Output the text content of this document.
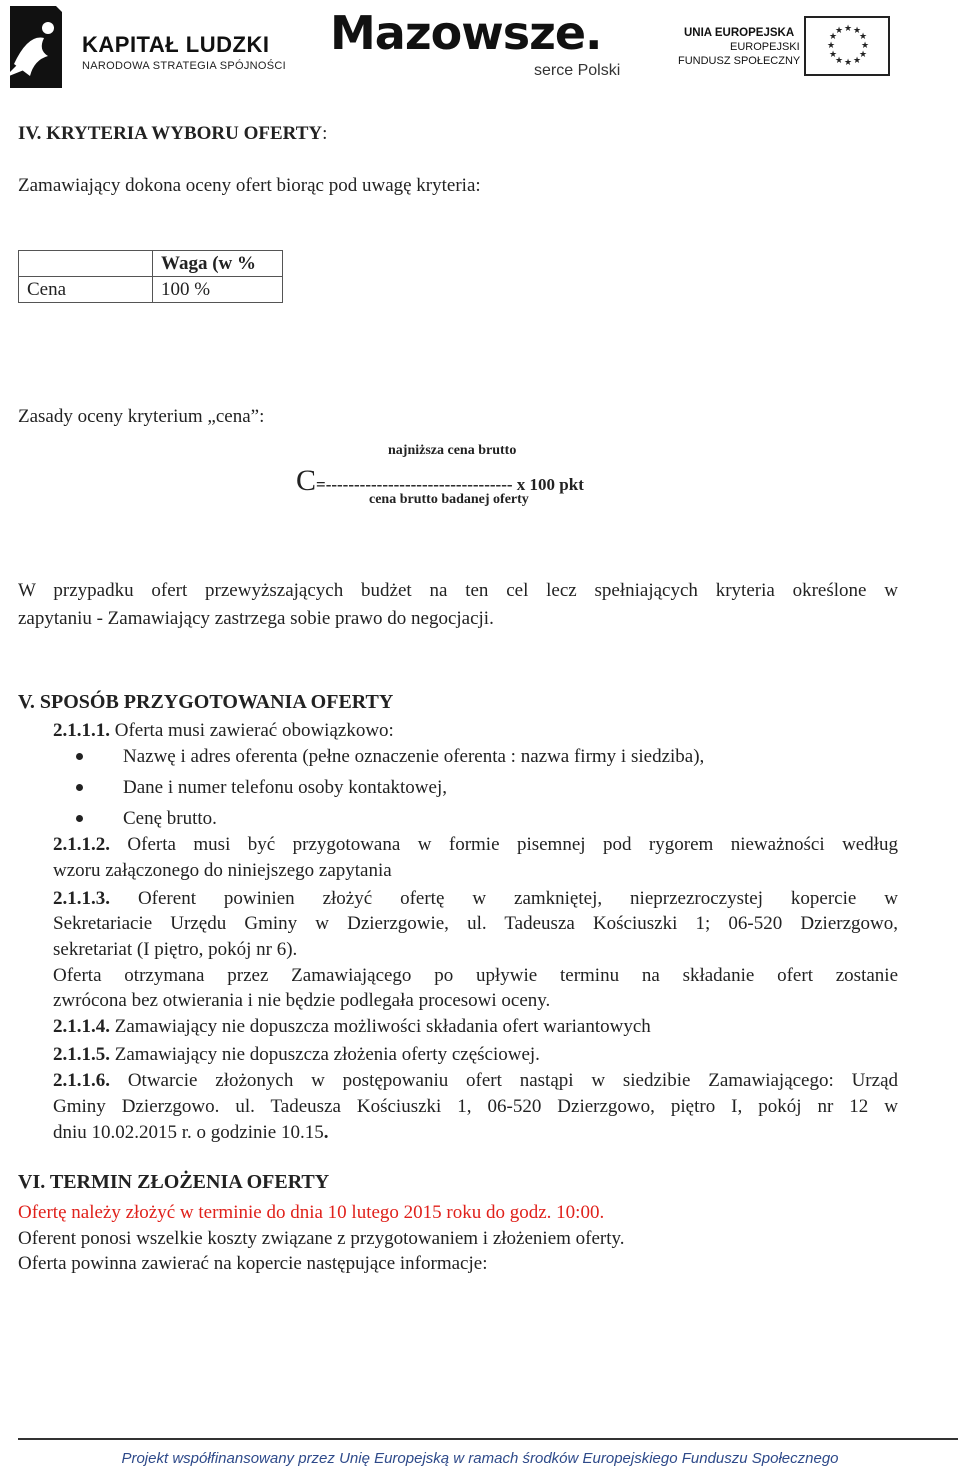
KAPITAŁ LUDZKI
NARODOWA STRATEGIA SPÓJNOŚCI
Mazowsze.
serce Polski
UNIA EUROPEJSKA
EUROPEJSKI
FUNDUSZ SPOŁECZNY
★ ★
★
★
★
★
★
★
★
★
★
★
IV. KRYTERIA WYBORU OFERTY:
Zamawiający dokona oceny ofert biorąc pod uwagę kryteria:
	Waga (w %
Cena	100 %
Zasady oceny kryterium „cena”:
najniższa cena brutto
C=--------------------------------- x 100 pkt
cena brutto badanej oferty
W przypadku ofert przewyższających budżet na ten cel lecz spełniających kryteria określone w
zapytaniu - Zamawiający zastrzega sobie prawo do negocjacji.
V. SPOSÓB PRZYGOTOWANIA OFERTY
2.1.1.1. Oferta musi zawierać obowiązkowo:
Nazwę i adres oferenta (pełne oznaczenie oferenta : nazwa firmy i siedziba),
Dane i numer telefonu osoby kontaktowej,
Cenę brutto.
2.1.1.2. Oferta musi być przygotowana w formie pisemnej pod rygorem nieważności według
wzoru załączonego do niniejszego zapytania
2.1.1.3. Oferent powinien złożyć ofertę w zamkniętej, nieprzezroczystej kopercie w
Sekretariacie Urzędu Gminy w Dzierzgowie, ul. Tadeusza Kościuszki 1; 06-520 Dzierzgowo,
sekretariat (I piętro, pokój nr 6).
Oferta otrzymana przez Zamawiającego po upływie terminu na składanie ofert zostanie
zwrócona bez otwierania i nie będzie podlegała procesowi oceny.
2.1.1.4. Zamawiający nie dopuszcza możliwości składania ofert wariantowych
2.1.1.5. Zamawiający nie dopuszcza złożenia oferty częściowej.
2.1.1.6. Otwarcie złożonych w postępowaniu ofert nastąpi w siedzibie Zamawiającego: Urząd
Gminy Dzierzgowo. ul. Tadeusza Kościuszki 1, 06-520 Dzierzgowo, piętro I, pokój nr 12 w
dniu 10.02.2015 r. o godzinie 10.15.
VI. TERMIN ZŁOŻENIA OFERTY
Ofertę należy złożyć w terminie do dnia 10 lutego 2015 roku do godz. 10:00.
Oferent ponosi wszelkie koszty związane z przygotowaniem i złożeniem oferty.
Oferta powinna zawierać na kopercie następujące informacje:
Projekt współfinansowany przez Unię Europejską w ramach środków Europejskiego Funduszu Społecznego
